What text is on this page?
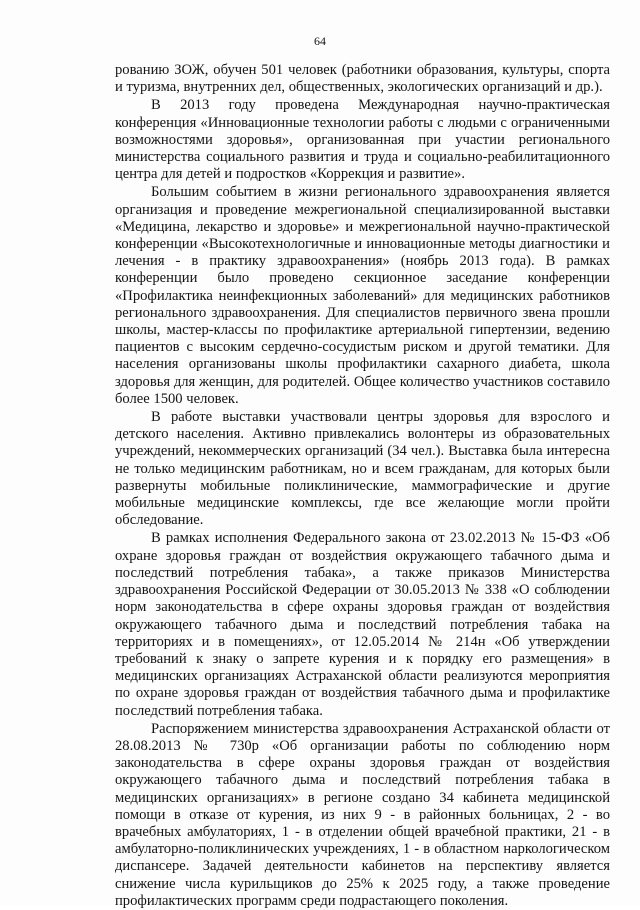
64

рованию ЗОЖ, обучен 501 человек (работники образования, культуры, спорта и туризма, внутренних дел, общественных, экологических организаций и др.).

В 2013 году проведена Международная научно-практическая конференция «Инновационные технологии работы с людьми с ограниченными возможностями здоровья», организованная при участии регионального министерства социального развития и труда и социально-реабилитационного центра для детей и подростков «Коррекция и развитие».

Большим событием в жизни регионального здравоохранения является организация и проведение межрегиональной специализированной выставки «Медицина, лекарство и здоровье» и межрегиональной научно-практической конференции «Высокотехнологичные и инновационные методы диагностики и лечения - в практику здравоохранения» (ноябрь 2013 года). В рамках конференции было проведено секционное заседание конференции «Профилактика неинфекционных заболеваний» для медицинских работников регионального здравоохранения. Для специалистов первичного звена прошли школы, мастер-классы по профилактике артериальной гипертензии, ведению пациентов с высоким сердечно-сосудистым риском и другой тематики. Для населения организованы школы профилактики сахарного диабета, школа здоровья для женщин, для родителей. Общее количество участников составило более 1500 человек.

В работе выставки участвовали центры здоровья для взрослого и детского населения. Активно привлекались волонтеры из образовательных учреждений, некоммерческих организаций (34 чел.). Выставка была интересна не только медицинским работникам, но и всем гражданам, для которых были развернуты мобильные поликлинические, маммографические и другие мобильные медицинские комплексы, где все желающие могли пройти обследование.

В рамках исполнения Федерального закона от 23.02.2013 № 15-ФЗ «Об охране здоровья граждан от воздействия окружающего табачного дыма и последствий потребления табака», а также приказов Министерства здравоохранения Российской Федерации от 30.05.2013 № 338 «О соблюдении норм законодательства в сфере охраны здоровья граждан от воздействия окружающего табачного дыма и последствий потребления табака на территориях и в помещениях», от 12.05.2014 № 214н «Об утверждении требований к знаку о запрете курения и к порядку его размещения» в медицинских организациях Астраханской области реализуются мероприятия по охране здоровья граждан от воздействия табачного дыма и профилактике последствий потребления табака.

Распоряжением министерства здравоохранения Астраханской области от 28.08.2013 № 730р «Об организации работы по соблюдению норм законодательства в сфере охраны здоровья граждан от воздействия окружающего табачного дыма и последствий потребления табака в медицинских организациях» в регионе создано 34 кабинета медицинской помощи в отказе от курения, из них 9 - в районных больницах, 2 - во врачебных амбулаториях, 1 - в отделении общей врачебной практики, 21 - в амбулаторно-поликлинических учреждениях, 1 - в областном наркологическом диспансере. Задачей деятельности кабинетов на перспективу является снижение числа курильщиков до 25% к 2025 году, а также проведение профилактических программ среди подрастающего поколения.
